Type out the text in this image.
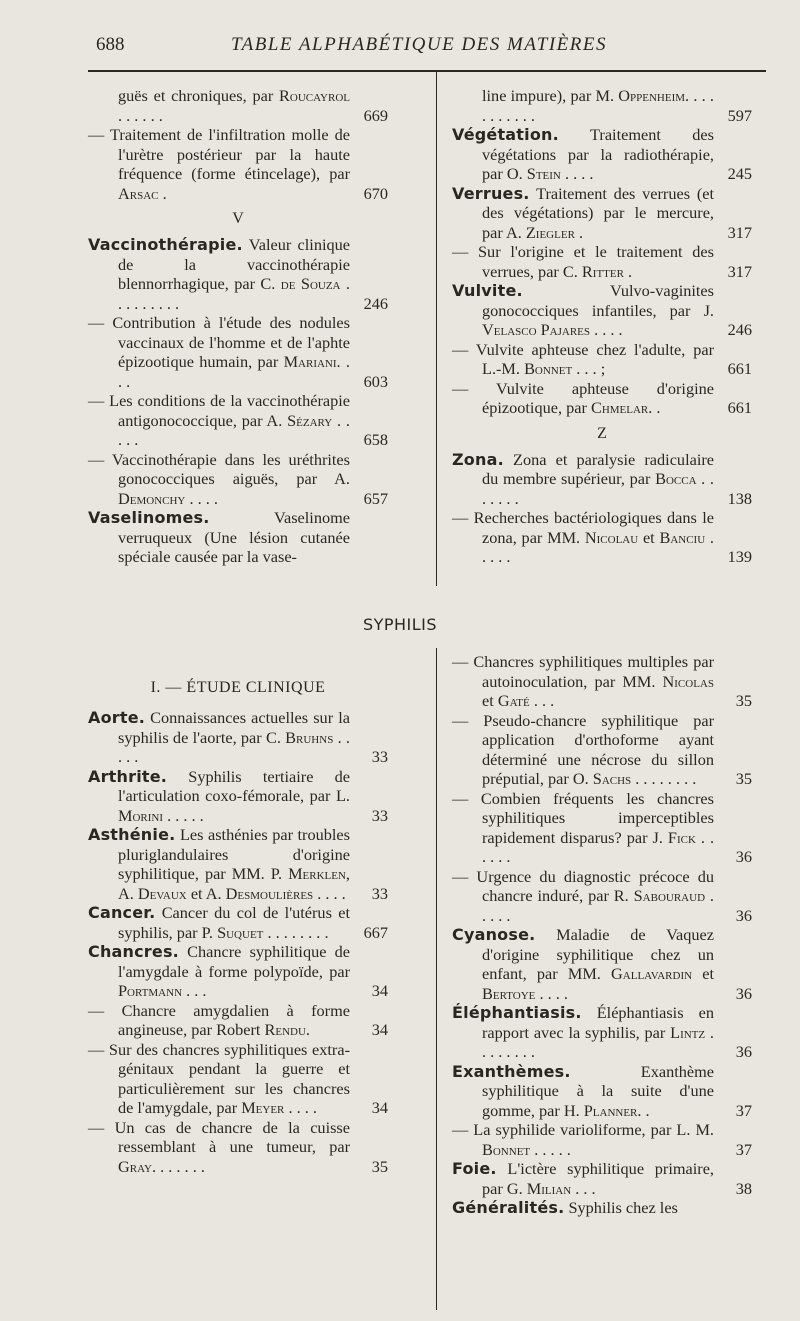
688	TABLE ALPHABÉTIQUE DES MATIÈRES
guës et chroniques, par Roucayrol . . . . . .	669
— Traitement de l'infiltration molle de l'urètre postérieur par la haute fréquence (forme étincelage), par Arsac .	670
V
Vaccinothérapie. Valeur clinique de la vaccinothérapie blennorrhagique, par C. de Souza . . . . . . . . .	246
— Contribution à l'étude des nodules vaccinaux de l'homme et de l'aphte épizootique humain, par Mariani. . . .	603
— Les conditions de la vaccinothérapie antigonococcique, par A. Sézary . . . . .	658
— Vaccinothérapie dans les uréthrites gonococciques aiguës, par A. Demonchy . . . .	657
Vaselinomes. Vaselinome verruqueux (Une lésion cutanée spéciale causée par la vase-
line impure), par M. Oppenheim. . . . . . . . . . .	597
Végétation. Traitement des végétations par la radiothérapie, par O. Stein . . . .	245
Verrues. Traitement des verrues (et des végétations) par le mercure, par A. Ziegler .	317
— Sur l'origine et le traitement des verrues, par C. Ritter .	317
Vulvite. Vulvo-vaginites gonococciques infantiles, par J. Velasco Pajares . . . .	246
— Vulvite aphteuse chez l'adulte, par L.-M. Bonnet . . . ;	661
— Vulvite aphteuse d'origine épizootique, par Chmelar. .	661
Z
Zona. Zona et paralysie radiculaire du membre supérieur, par Bocca . . . . . . .	138
— Recherches bactériologiques dans le zona, par MM. Nicolau et Banciu . . . . .	139
SYPHILIS
I. — ÉTUDE CLINIQUE
Aorte. Connaissances actuelles sur la syphilis de l'aorte, par C. Bruhns . . . . .	33
Arthrite. Syphilis tertiaire de l'articulation coxo-fémorale, par L. Morini . . . . .	33
Asthénie. Les asthénies par troubles pluriglandulaires d'origine syphilitique, par MM. P. Merklen, A. Devaux et A. Desmoulières . . . .	33
Cancer. Cancer du col de l'utérus et syphilis, par P. Suquet . . . . . . . .	667
Chancres. Chancre syphilitique de l'amygdale à forme polypoïde, par Portmann . . .	34
— Chancre amygdalien à forme angineuse, par Robert Rendu.	34
— Sur des chancres syphilitiques extra-génitaux pendant la guerre et particulièrement sur les chancres de l'amygdale, par Meyer . . . .	34
— Un cas de chancre de la cuisse ressemblant à une tumeur, par Gray. . . . . . .	35
— Chancres syphilitiques multiples par autoinoculation, par MM. Nicolas et Gaté . . .	35
— Pseudo-chancre syphilitique par application d'orthoforme ayant déterminé une nécrose du sillon préputial, par O. Sachs . . . . . . . .	35
— Combien fréquents les chancres syphilitiques imperceptibles rapidement disparus? par J. Fick . . . . . .	36
— Urgence du diagnostic précoce du chancre induré, par R. Sabouraud . . . . .	36
Cyanose. Maladie de Vaquez d'origine syphilitique chez un enfant, par MM. Gallavardin et Bertoye . . . .	36
Éléphantiasis. Éléphantiasis en rapport avec la syphilis, par Lintz . . . . . . . .	36
Exanthèmes. Exanthème syphilitique à la suite d'une gomme, par H. Planner. .	37
— La syphilide varioliforme, par L. M. Bonnet . . . . .	37
Foie. L'ictère syphilitique primaire, par G. Milian . . .	38
Généralités. Syphilis chez les
